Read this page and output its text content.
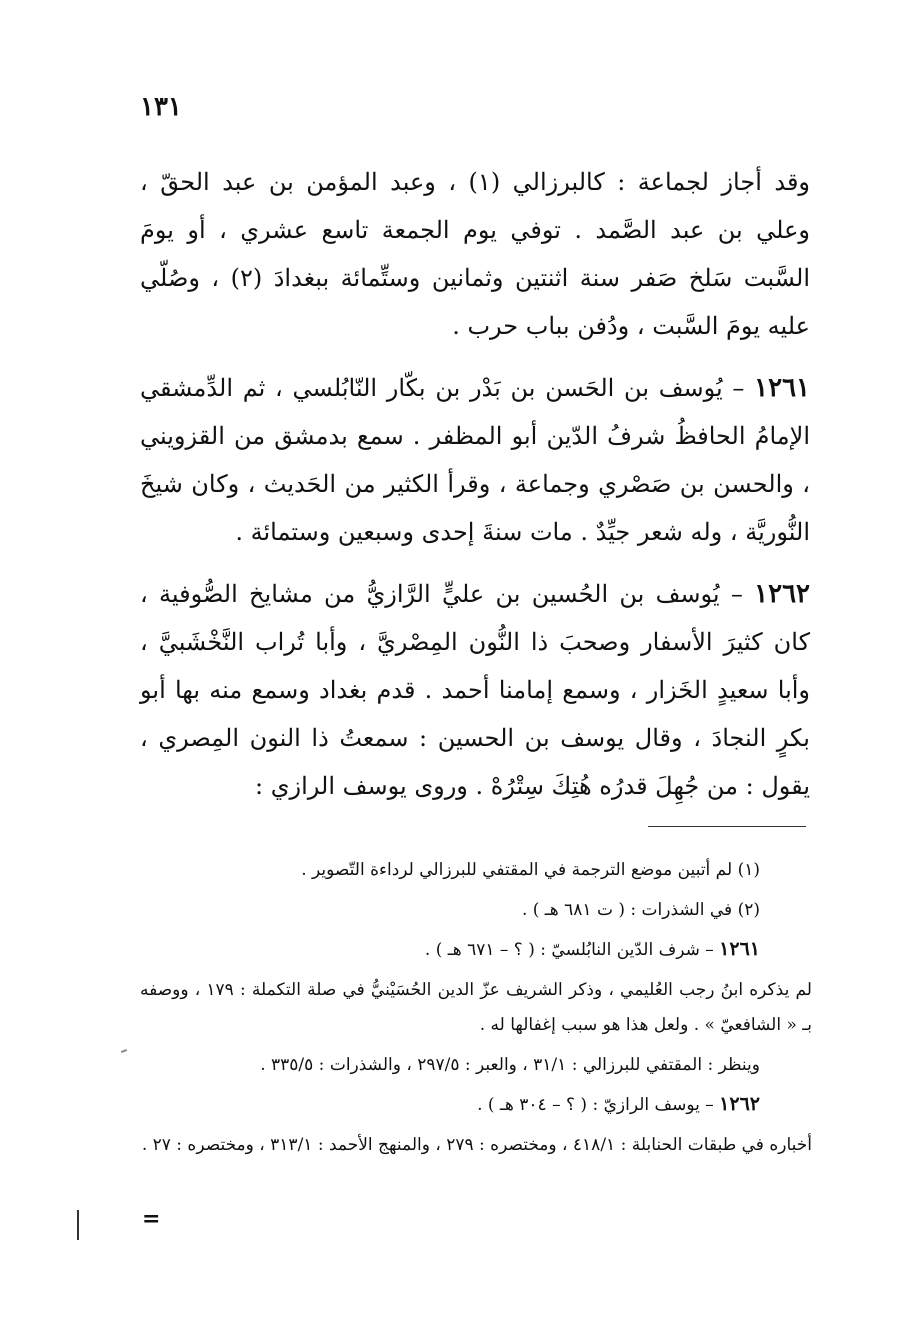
١٣١

وقد أجاز لجماعة : كالبرزالي (١) ، وعبد المؤمن بن عبد الحقّ ، وعلي بن عبد الصَّمد . توفي يوم الجمعة تاسع عشري ، أو يومَ السَّبت سَلخ صَفر سنة اثنتين وثمانين وستِّمائة ببغدادَ (٢) ، وصُلّي عليه يومَ السَّبت ، ودُفن بباب حرب .

١٢٦١ – يُوسف بن الحَسن بن بَدْر بن بكّار النّابُلسي ، ثم الدِّمشقي الإمامُ الحافظُ شرفُ الدّين أبو المظفر . سمع بدمشق من القزويني ، والحسن بن صَصْري وجماعة ، وقرأ الكثير من الحَديث ، وكان شيخَ النُّوريَّة ، وله شعر جيِّدٌ . مات سنةَ إحدى وسبعين وستمائة .

١٢٦٢ – يُوسف بن الحُسين بن عليٍّ الرَّازيُّ من مشايخ الصُّوفية ، كان كثيرَ الأسفار وصحبَ ذا النُّون المِصْريَّ ، وأبا تُراب النَّخْشَبيَّ ، وأبا سعيدٍ الخَزار ، وسمع إمامنا أحمد . قدم بغداد وسمع منه بها أبو بكرٍ النجادَ ، وقال يوسف بن الحسين : سمعتُ ذا النون المِصري ، يقول : من جُهِلَ قدرُه هُتِكَ سِتْرُهْ . وروى يوسف الرازي :

(١) لم أتبين موضع الترجمة في المقتفي للبرزالي لرداءة التّصوير .

(٢) في الشذرات : ( ت ٦٨١ هـ ) .

١٢٦١ – شرف الدّين النابُلسيّ : ( ؟ – ٦٧١ هـ ) .

لم يذكره ابنُ رجب العُليمي ، وذكر الشريف عزّ الدين الحُسَيْنيُّ في صلة التكملة : ١٧٩ ، ووصفه بـ « الشافعيّ » . ولعل هذا هو سبب إغفالها له .

وينظر : المقتفي للبرزالي : ٣١/١ ، والعبر : ٢٩٧/٥ ، والشذرات : ٣٣٥/٥ .

١٢٦٢ – يوسف الرازيّ : ( ؟ – ٣٠٤ هـ ) .

أخباره في طبقات الحنابلة : ٤١٨/١ ، ومختصره : ٢٧٩ ، والمنهج الأحمد : ٣١٣/١ ، ومختصره : ٢٧ .

=
